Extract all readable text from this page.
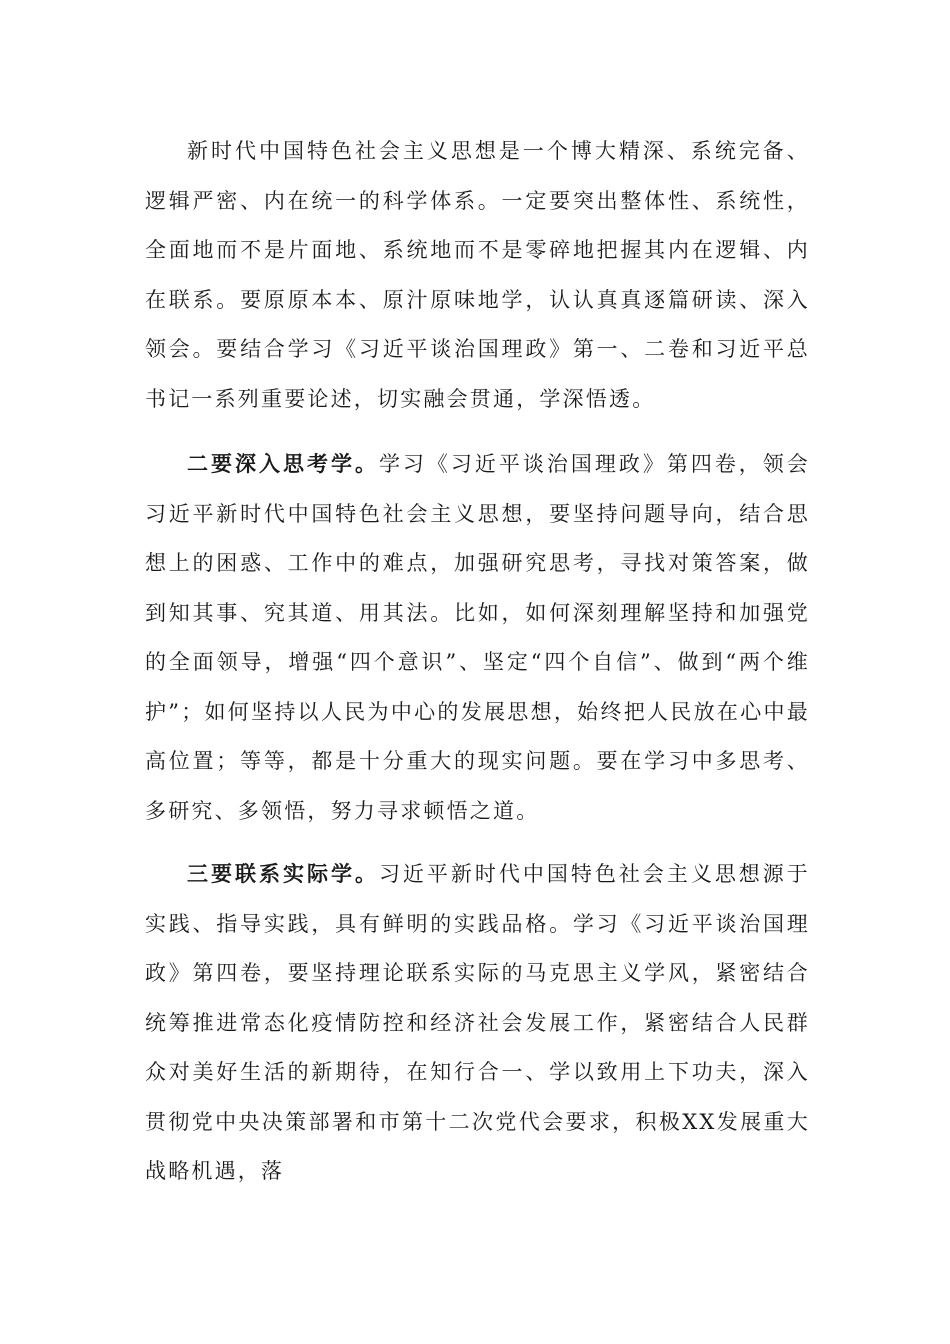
新时代中国特色社会主义思想是一个博大精深、系统完备、逻辑严密、内在统一的科学体系。一定要突出整体性、系统性，全面地而不是片面地、系统地而不是零碎地把握其内在逻辑、内在联系。要原原本本、原汁原味地学，认认真真逐篇研读、深入领会。要结合学习《习近平谈治国理政》第一、二卷和习近平总书记一系列重要论述，切实融会贯通，学深悟透。

二要深入思考学。学习《习近平谈治国理政》第四卷，领会习近平新时代中国特色社会主义思想，要坚持问题导向，结合思想上的困惑、工作中的难点，加强研究思考，寻找对策答案，做到知其事、究其道、用其法。比如，如何深刻理解坚持和加强党的全面领导，增强“四个意识”、坚定“四个自信”、做到“两个维护”；如何坚持以人民为中心的发展思想，始终把人民放在心中最高位置；等等，都是十分重大的现实问题。要在学习中多思考、多研究、多领悟，努力寻求顿悟之道。

三要联系实际学。习近平新时代中国特色社会主义思想源于实践、指导实践，具有鲜明的实践品格。学习《习近平谈治国理政》第四卷，要坚持理论联系实际的马克思主义学风，紧密结合统筹推进常态化疫情防控和经济社会发展工作，紧密结合人民群众对美好生活的新期待，在知行合一、学以致用上下功夫，深入贯彻党中央决策部署和市第十二次党代会要求，积极XX发展重大战略机遇，落
